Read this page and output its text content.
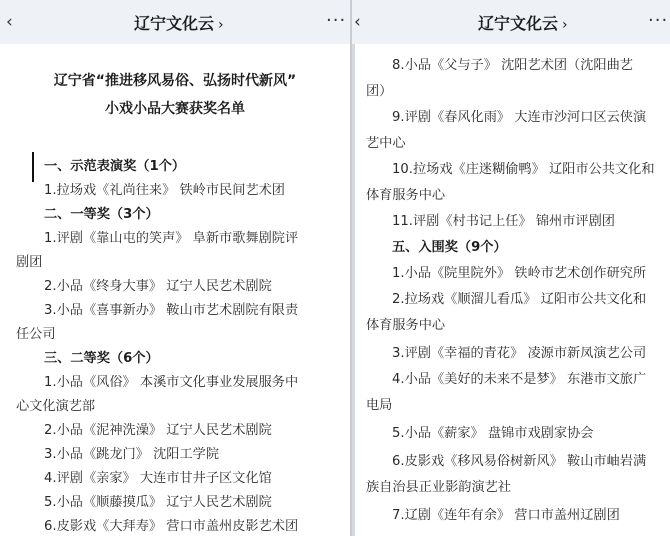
‹	辽宁文化云 ›	···
辽宁省“推进移风易俗、弘扬时代新风”
小戏小品大赛获奖名单
一、示范表演奖（1个）
1.拉场戏《礼尚往来》 铁岭市民间艺术团
二、一等奖（3个）
1.评剧《靠山屯的笑声》 阜新市歌舞剧院评
剧团
2.小品《终身大事》 辽宁人民艺术剧院
3.小品《喜事新办》 鞍山市艺术剧院有限责
任公司
三、二等奖（6个）
1.小品《风俗》 本溪市文化事业发展服务中
心文化演艺部
2.小品《泥神洗澡》 辽宁人民艺术剧院
3.小品《跳龙门》 沈阳工学院
4.评剧《亲家》 大连市甘井子区文化馆
5.小品《顺藤摸瓜》 辽宁人民艺术剧院
6.皮影戏《大拜寿》 营口市盖州皮影艺术团
‹	辽宁文化云 ›	···
8.小品《父与子》 沈阳艺术团（沈阳曲艺
团）
9.评剧《春风化雨》 大连市沙河口区云侠演
艺中心
10.拉场戏《庄迷糊偷鸭》 辽阳市公共文化和
体育服务中心
11.评剧《村书记上任》 锦州市评剧团
五、入围奖（9个）
1.小品《院里院外》 铁岭市艺术创作研究所
2.拉场戏《顺溜儿看瓜》 辽阳市公共文化和
体育服务中心
3.评剧《幸福的青花》 凌源市新凤演艺公司
4.小品《美好的未来不是梦》 东港市文旅广
电局
5.小品《薪家》 盘锦市戏剧家协会
6.皮影戏《移风易俗树新风》 鞍山市岫岩满
族自治县正业影韵演艺社
7.辽剧《连年有余》 营口市盖州辽剧团
